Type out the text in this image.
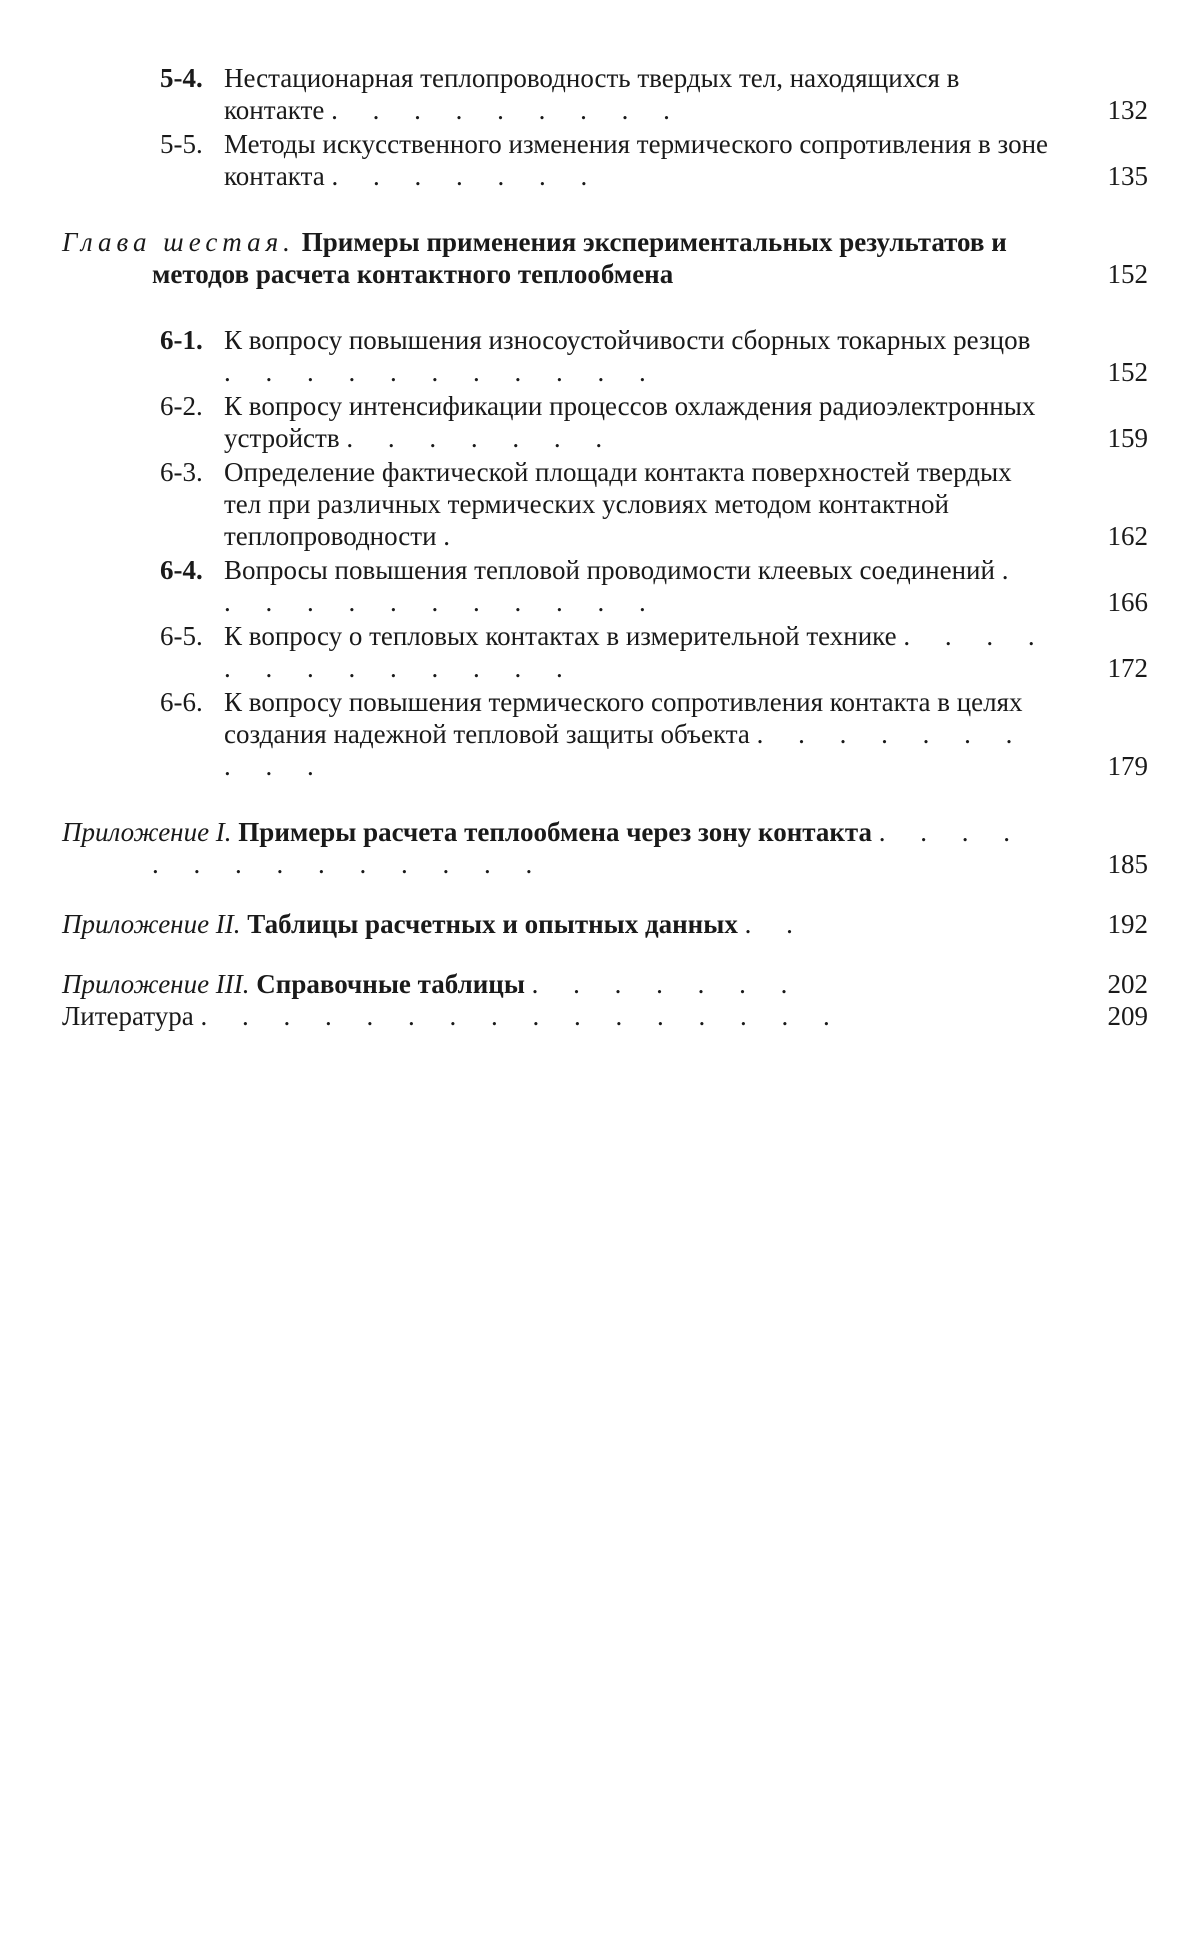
5-4. Нестационарная теплопроводность твердых тел, находящихся в контакте . . . . . . . . .	132
5-5. Методы искусственного изменения термического сопротивления в зоне контакта . . . . . . .	135
Глава шестая. Примеры применения экспериментальных результатов и методов расчета контактного теплообмена	152
6-1. К вопросу повышения износоустойчивости сборных токарных резцов . . . . . . . . . . .	152
6-2. К вопросу интенсификации процессов охлаждения радиоэлектронных устройств . . . . . . .	159
6-3. Определение фактической площади контакта поверхностей твердых тел при различных термических условиях методом контактной теплопроводности .	162
6-4. Вопросы повышения тепловой проводимости клеевых соединений . . . . . . . . . . . .	166
6-5. К вопросу о тепловых контактах в измерительной технике . . . . . . . . . . . . .	172
6-6. К вопросу повышения термического сопротивления контакта в целях создания надежной тепловой защиты объекта . . . . . . . . . .	179
Приложение I. Примеры расчета теплообмена через зону контакта . . . . . . . . . . . . . .	185
Приложение II. Таблицы расчетных и опытных данных . .	192
Приложение III. Справочные таблицы . . . . . . .	202
Литература . . . . . . . . . . . . . . . .	209
